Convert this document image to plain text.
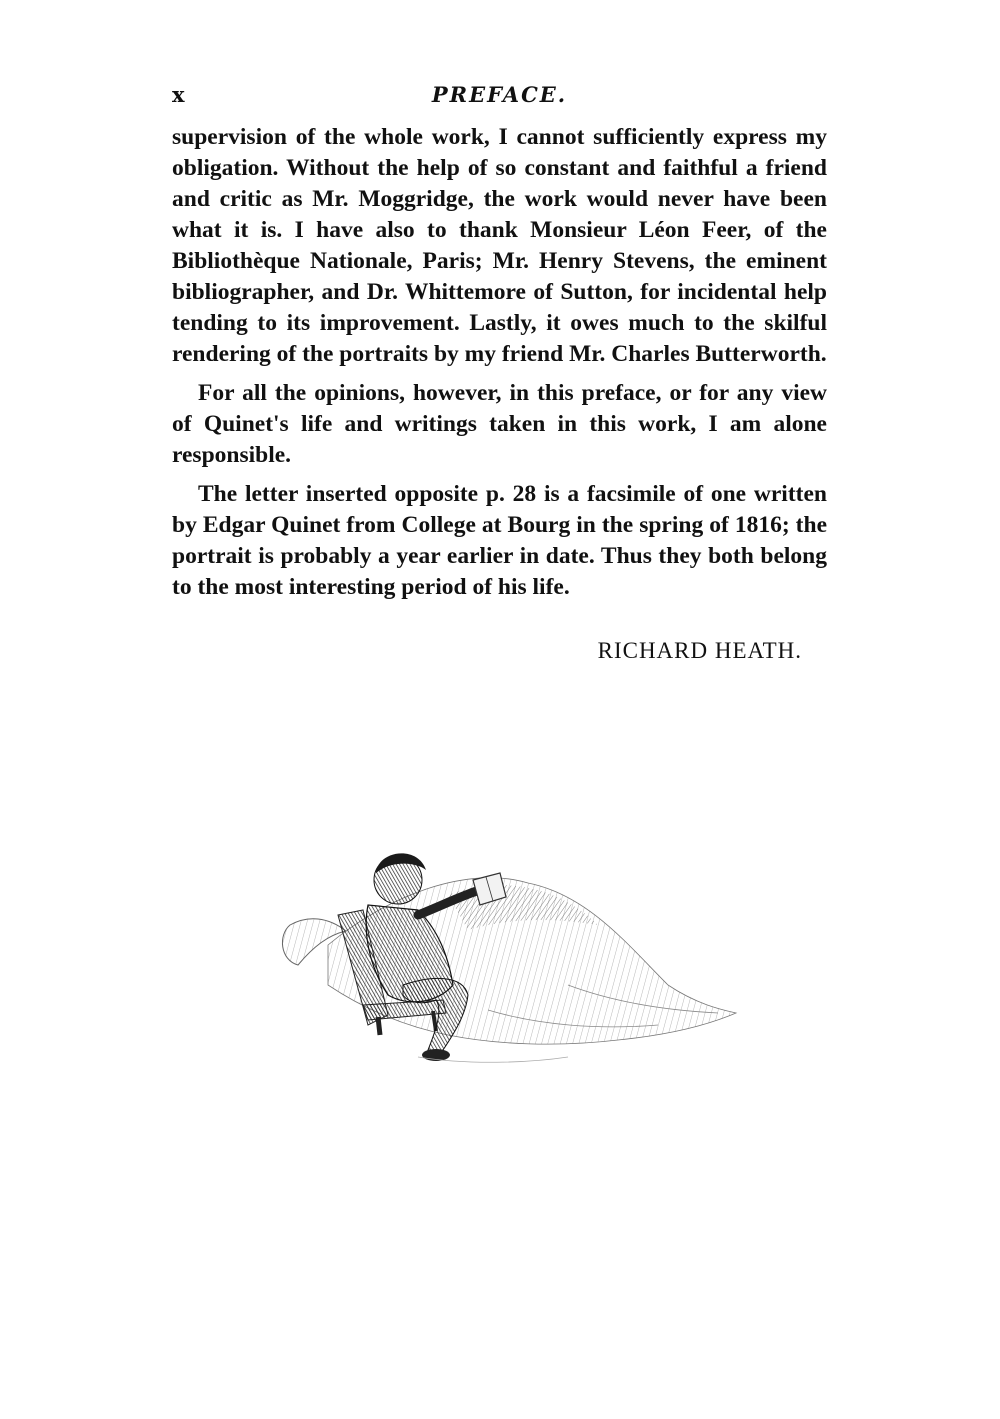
x	PREFACE.

supervision of the whole work, I cannot sufficiently express my obligation. Without the help of so constant and faithful a friend and critic as Mr. Moggridge, the work would never have been what it is. I have also to thank Monsieur Léon Feer, of the Bibliothèque Nationale, Paris; Mr. Henry Stevens, the eminent bibliographer, and Dr. Whittemore of Sutton, for incidental help tending to its improvement. Lastly, it owes much to the skilful rendering of the portraits by my friend Mr. Charles Butterworth.

For all the opinions, however, in this preface, or for any view of Quinet's life and writings taken in this work, I am alone responsible.

The letter inserted opposite p. 28 is a facsimile of one written by Edgar Quinet from College at Bourg in the spring of 1816; the portrait is probably a year earlier in date. Thus they both belong to the most interesting period of his life.

RICHARD HEATH.
